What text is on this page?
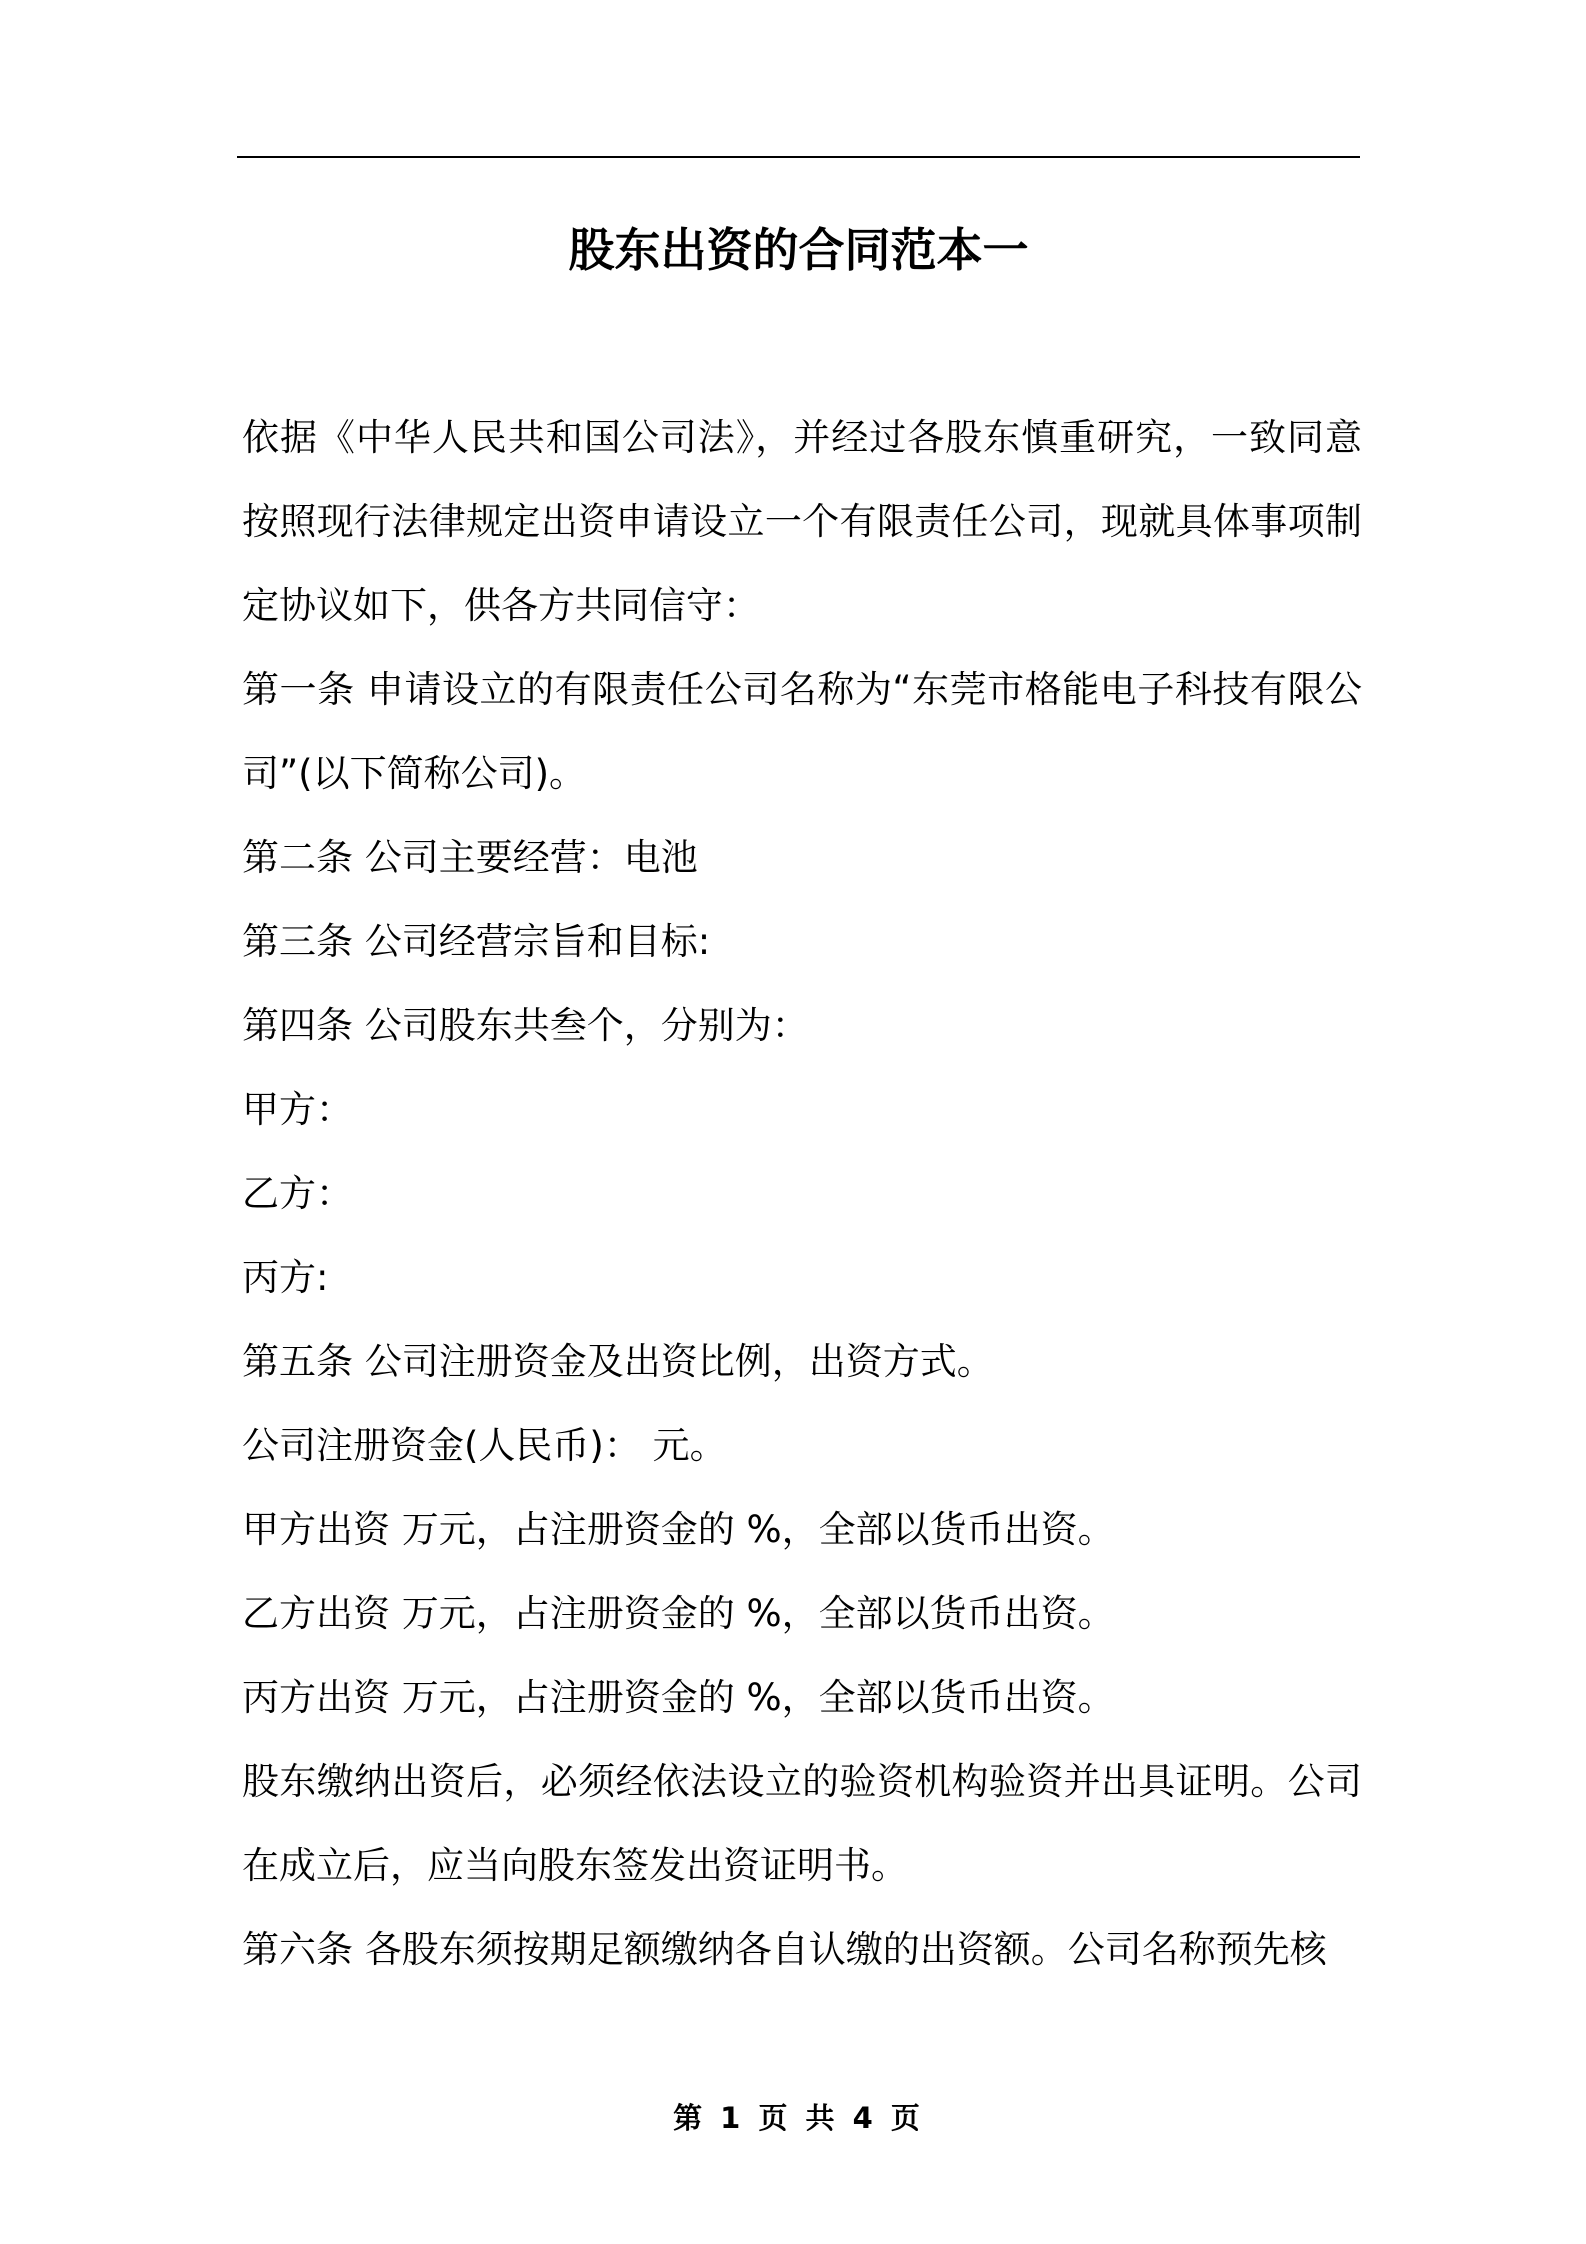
股东出资的合同范本一

依据《中华人民共和国公司法》，并经过各股东慎重研究，一致同意按照现行法律规定出资申请设立一个有限责任公司，现就具体事项制定协议如下，供各方共同信守：

第一条 申请设立的有限责任公司名称为“东莞市格能电子科技有限公司”(以下简称公司)。

第二条 公司主要经营：电池

第三条 公司经营宗旨和目标:

第四条 公司股东共叁个，分别为：

甲方：

乙方：

丙方:

第五条 公司注册资金及出资比例，出资方式。

公司注册资金(人民币)： 元。

甲方出资 万元，占注册资金的 %，全部以货币出资。

乙方出资 万元，占注册资金的 %，全部以货币出资。

丙方出资 万元，占注册资金的 %，全部以货币出资。

股东缴纳出资后，必须经依法设立的验资机构验资并出具证明。公司在成立后，应当向股东签发出资证明书。

第六条 各股东须按期足额缴纳各自认缴的出资额。公司名称预先核

第 1 页 共 4 页
